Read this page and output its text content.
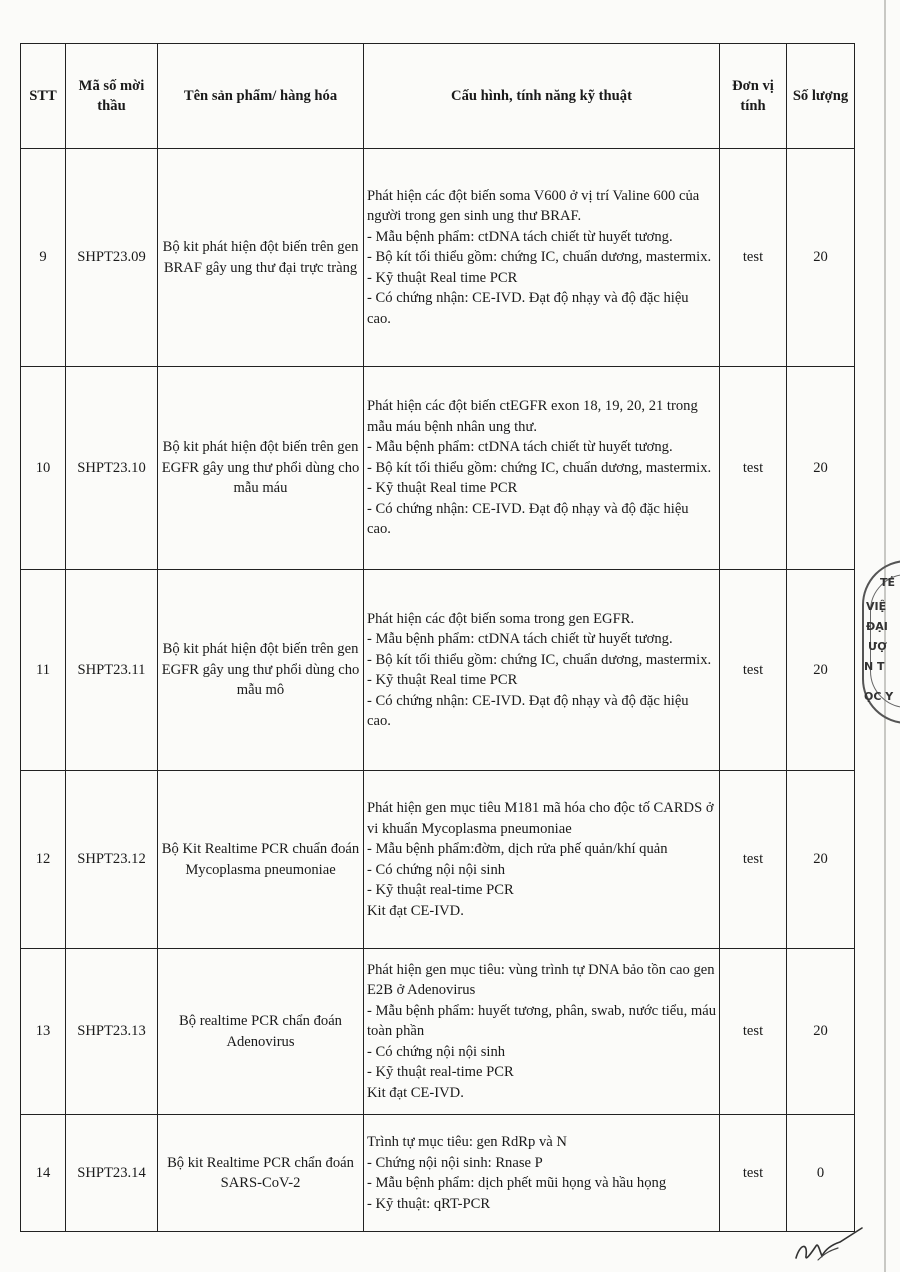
STT	Mã số mời thầu	Tên sản phẩm/ hàng hóa	Cấu hình, tính năng kỹ thuật	Đơn vị tính	Số lượng
9	SHPT23.09	Bộ kit phát hiện đột biến trên gen BRAF gây ung thư đại trực tràng	Phát hiện các đột biến soma V600 ở vị trí Valine 600 của người trong gen sinh ung thư BRAF.
- Mẫu bệnh phẩm: ctDNA tách chiết từ huyết tương.
- Bộ kít tối thiểu gồm: chứng IC, chuẩn dương, mastermix.
- Kỹ thuật Real time PCR
- Có chứng nhận: CE-IVD. Đạt độ nhạy và độ đặc hiệu cao.	test	20
10	SHPT23.10	Bộ kit phát hiện đột biến trên gen EGFR gây ung thư phổi dùng cho mẫu máu	Phát hiện các đột biến ctEGFR exon 18, 19, 20, 21 trong mẫu máu bệnh nhân ung thư.
- Mẫu bệnh phẩm: ctDNA tách chiết từ huyết tương.
- Bộ kít tối thiểu gồm: chứng IC, chuẩn dương, mastermix.
- Kỹ thuật Real time PCR
- Có chứng nhận: CE-IVD. Đạt độ nhạy và độ đặc hiệu cao.	test	20
11	SHPT23.11	Bộ kit phát hiện đột biến trên gen EGFR gây ung thư phổi dùng cho mẫu mô	Phát hiện các đột biến soma trong gen EGFR.
- Mẫu bệnh phẩm: ctDNA tách chiết từ huyết tương.
- Bộ kít tối thiểu gồm: chứng IC, chuẩn dương, mastermix.
- Kỹ thuật Real time PCR
- Có chứng nhận: CE-IVD. Đạt độ nhạy và độ đặc hiệu cao.	test	20
12	SHPT23.12	Bộ Kit Realtime PCR chuẩn đoán Mycoplasma pneumoniae	Phát hiện gen mục tiêu M181 mã hóa cho độc tố CARDS ở vi khuẩn Mycoplasma pneumoniae
- Mẫu bệnh phẩm:đờm, dịch rửa phế quản/khí quản
- Có chứng nội nội sinh
- Kỹ thuật real-time PCR
Kit đạt CE-IVD.	test	20
13	SHPT23.13	Bộ realtime PCR chẩn đoán Adenovirus	Phát hiện gen mục tiêu: vùng trình tự DNA bảo tồn cao gen E2B ở Adenovirus
- Mẫu bệnh phẩm: huyết tương, phân, swab, nước tiểu, máu toàn phần
- Có chứng nội nội sinh
- Kỹ thuật real-time PCR
Kit đạt CE-IVD.	test	20
14	SHPT23.14	Bộ kit Realtime PCR chẩn đoán SARS-CoV-2	Trình tự mục tiêu: gen RdRp và N
- Chứng nội nội sinh: Rnase P
- Mẫu bệnh phẩm: dịch phết mũi họng và hầu họng
- Kỹ thuật: qRT-PCR	test	0
TÉ
VIỆ
ĐẠI
ƯỢ
N T
ỌC Y
